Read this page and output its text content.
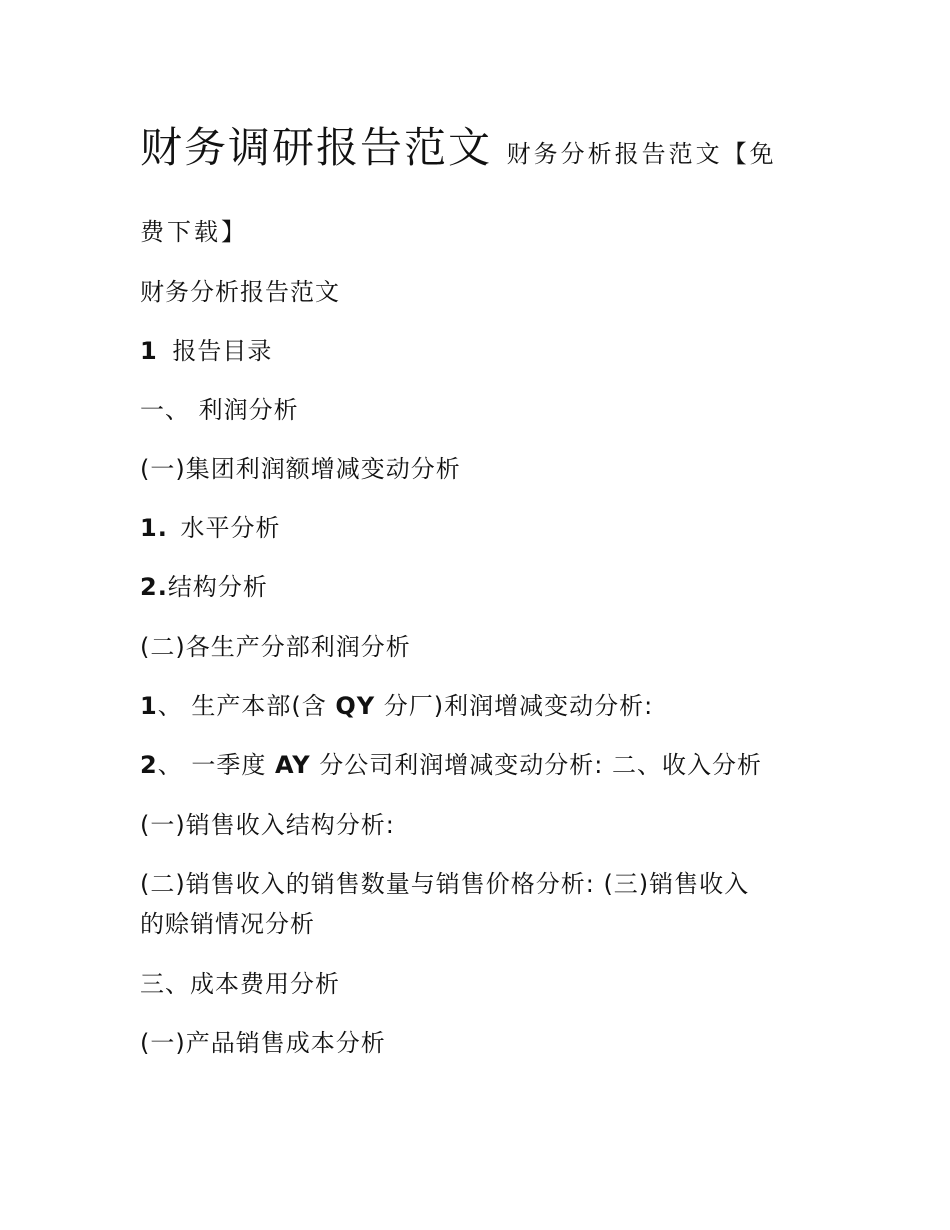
财务调研报告范文 财务分析报告范文【免
费下载】
财务分析报告范文
1 报告目录
一、 利润分析
(一)集团利润额增减变动分析
1. 水平分析
2.结构分析
(二)各生产分部利润分析
1、 生产本部(含 QY 分厂)利润增减变动分析:
2、 一季度 AY 分公司利润增减变动分析: 二、收入分析
(一)销售收入结构分析:
(二)销售收入的销售数量与销售价格分析: (三)销售收入
的赊销情况分析
三、成本费用分析
(一)产品销售成本分析
